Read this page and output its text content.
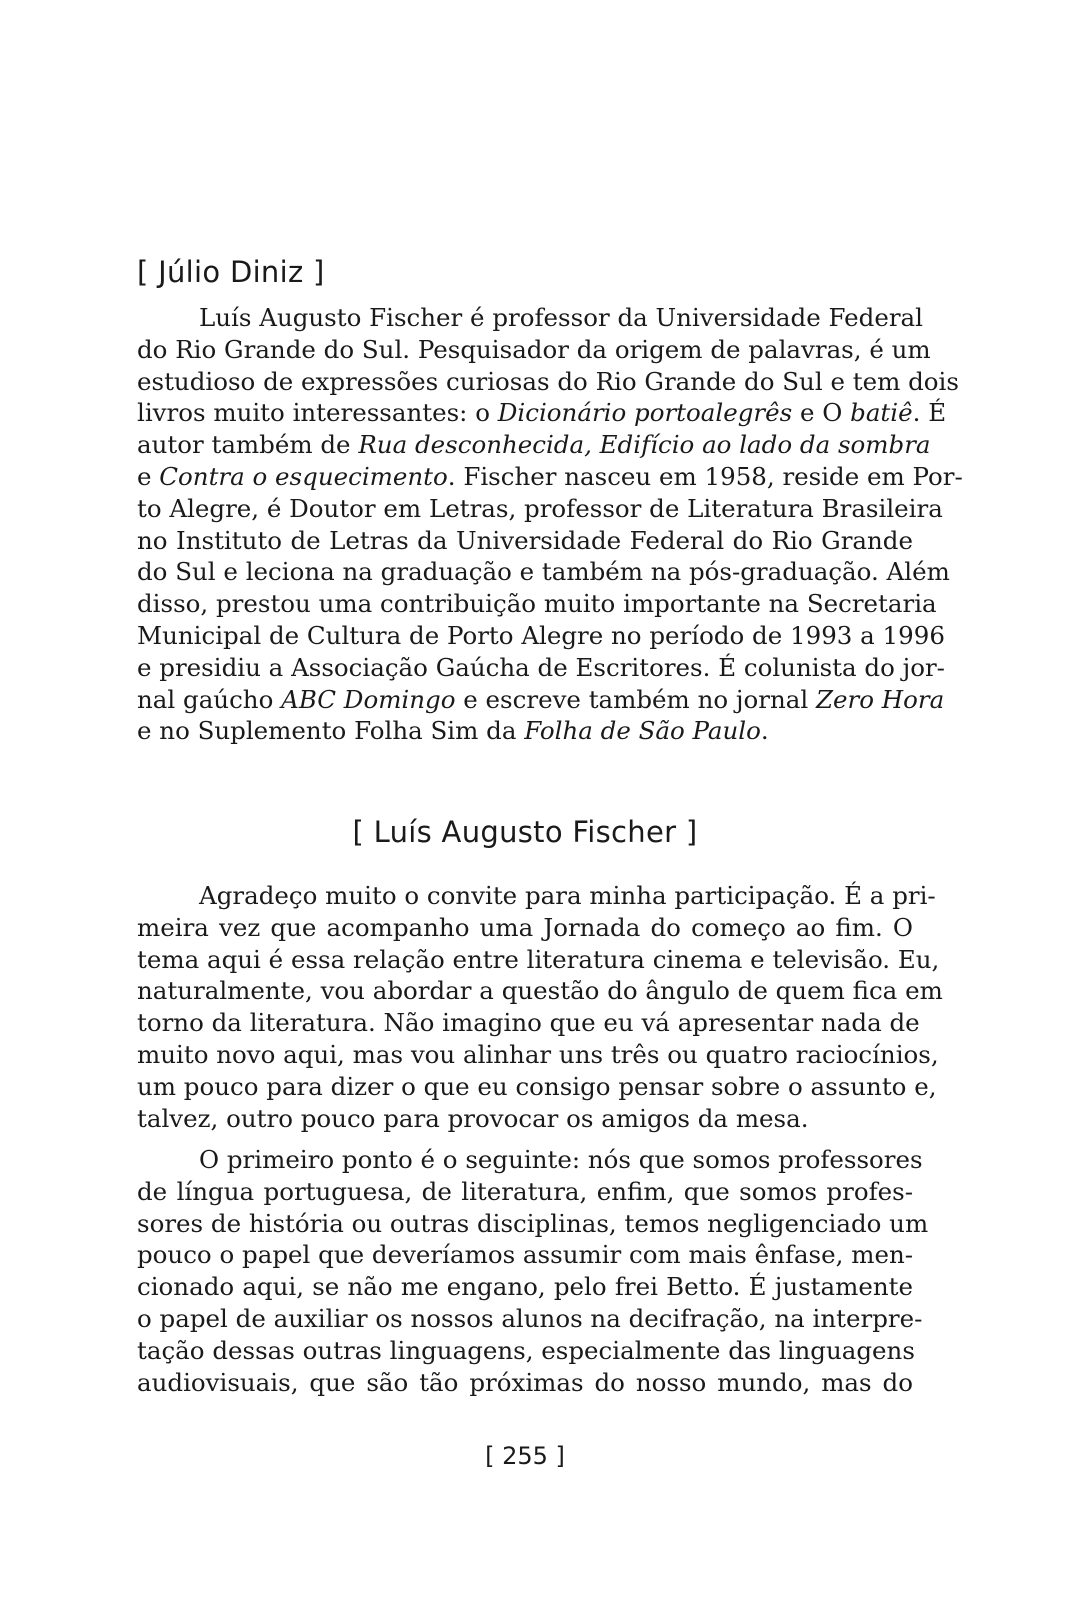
[ Júlio Diniz ]
Luís Augusto Fischer é professor da Universidade Federal
do Rio Grande do Sul. Pesquisador da origem de palavras, é um
estudioso de expressões curiosas do Rio Grande do Sul e tem dois
livros muito interessantes: o Dicionário portoalegrês e O batiê. É
autor também de Rua desconhecida, Edifício ao lado da sombra
e Contra o esquecimento. Fischer nasceu em 1958, reside em Por-
to Alegre, é Doutor em Letras, professor de Literatura Brasileira
no Instituto de Letras da Universidade Federal do Rio Grande
do Sul e leciona na graduação e também na pós-graduação. Além
disso, prestou uma contribuição muito importante na Secretaria
Municipal de Cultura de Porto Alegre no período de 1993 a 1996
e presidiu a Associação Gaúcha de Escritores. É colunista do jor-
nal gaúcho ABC Domingo e escreve também no jornal Zero Hora
e no Suplemento Folha Sim da Folha de São Paulo.
[ Luís Augusto Fischer ]
Agradeço muito o convite para minha participação. É a pri-
meira vez que acompanho uma Jornada do começo ao fim. O
tema aqui é essa relação entre literatura cinema e televisão. Eu,
naturalmente, vou abordar a questão do ângulo de quem fica em
torno da literatura. Não imagino que eu vá apresentar nada de
muito novo aqui, mas vou alinhar uns três ou quatro raciocínios,
um pouco para dizer o que eu consigo pensar sobre o assunto e,
talvez, outro pouco para provocar os amigos da mesa.
O primeiro ponto é o seguinte: nós que somos professores
de língua portuguesa, de literatura, enfim, que somos profes-
sores de história ou outras disciplinas, temos negligenciado um
pouco o papel que deveríamos assumir com mais ênfase, men-
cionado aqui, se não me engano, pelo frei Betto. É justamente
o papel de auxiliar os nossos alunos na decifração, na interpre-
tação dessas outras linguagens, especialmente das linguagens
audiovisuais, que são tão próximas do nosso mundo, mas do
[ 255 ]
